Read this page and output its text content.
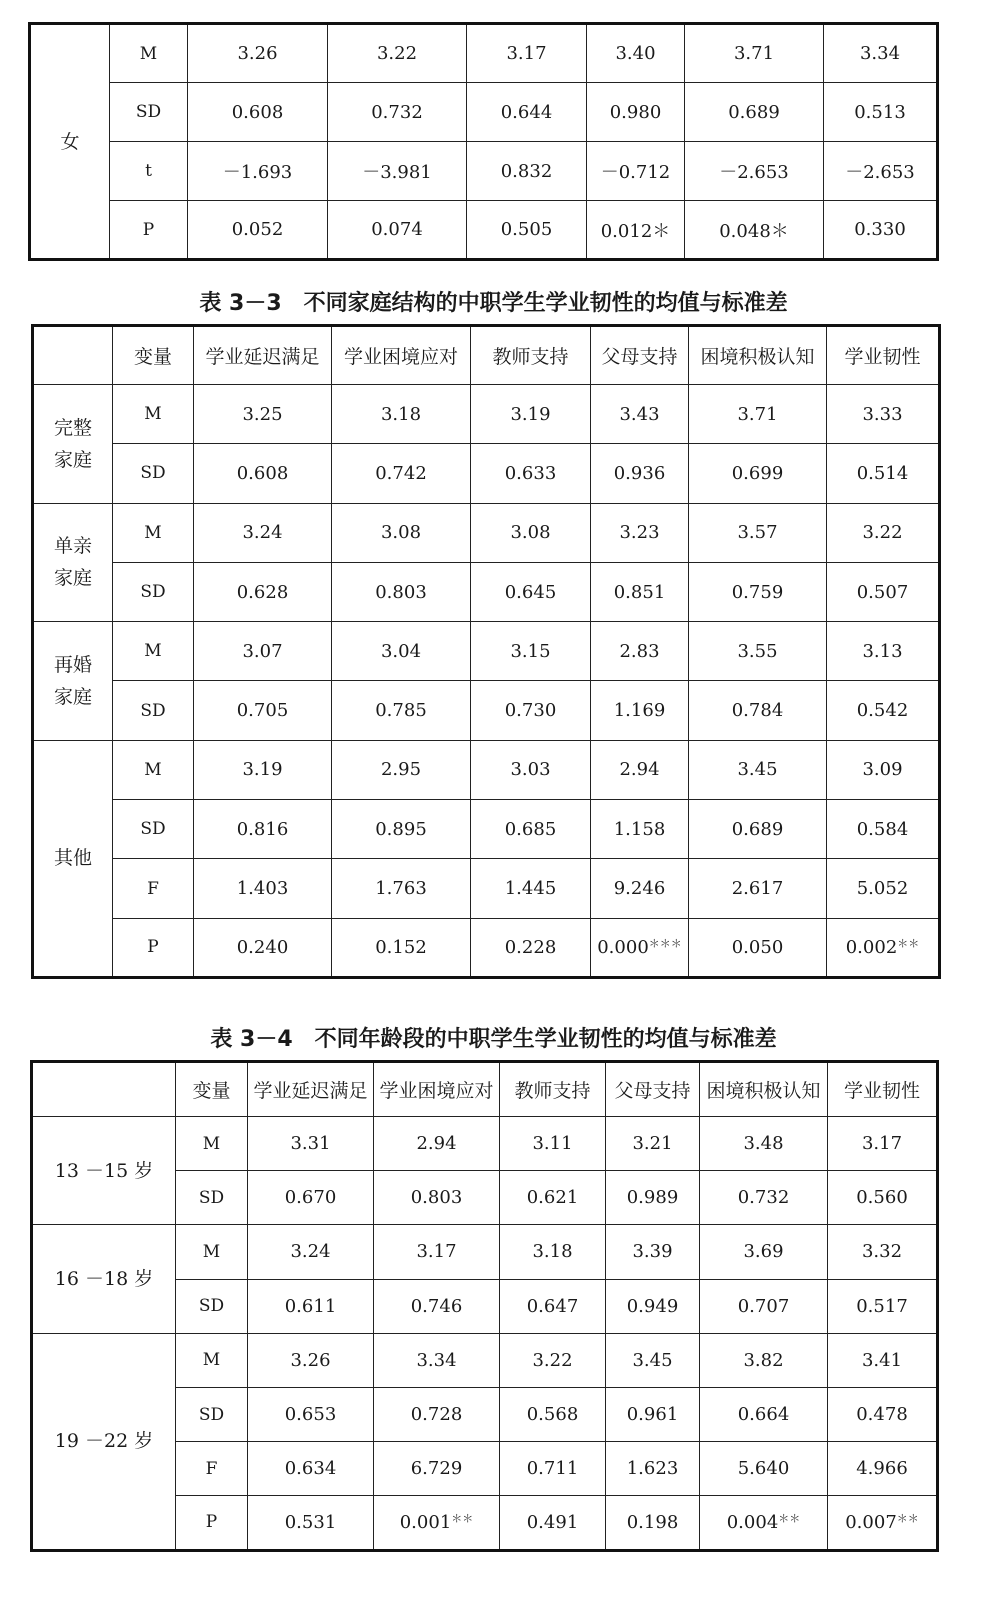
女	M	3.26	3.22	3.17	3.40	3.71	3.34
	SD	0.608	0.732	0.644	0.980	0.689	0.513
	t	－1.693	－3.981	0.832	－0.712	－2.653	－2.653
	P	0.052	0.074	0.505	0.012＊	0.048＊	0.330
表 3－3　不同家庭结构的中职学生学业韧性的均值与标准差
	变量	学业延迟满足	学业困境应对	教师支持	父母支持	困境积极认知	学业韧性
完整
家庭	M	3.25	3.18	3.19	3.43	3.71	3.33
	SD	0.608	0.742	0.633	0.936	0.699	0.514
单亲
家庭	M	3.24	3.08	3.08	3.23	3.57	3.22
	SD	0.628	0.803	0.645	0.851	0.759	0.507
再婚
家庭	M	3.07	3.04	3.15	2.83	3.55	3.13
	SD	0.705	0.785	0.730	1.169	0.784	0.542
其他	M	3.19	2.95	3.03	2.94	3.45	3.09
	SD	0.816	0.895	0.685	1.158	0.689	0.584
	F	1.403	1.763	1.445	9.246	2.617	5.052
	P	0.240	0.152	0.228	0.000＊＊＊	0.050	0.002＊＊
表 3－4　不同年龄段的中职学生学业韧性的均值与标准差
	变量	学业延迟满足	学业困境应对	教师支持	父母支持	困境积极认知	学业韧性
13 －15 岁	M	3.31	2.94	3.11	3.21	3.48	3.17
	SD	0.670	0.803	0.621	0.989	0.732	0.560
16 －18 岁	M	3.24	3.17	3.18	3.39	3.69	3.32
	SD	0.611	0.746	0.647	0.949	0.707	0.517
19 －22 岁	M	3.26	3.34	3.22	3.45	3.82	3.41
	SD	0.653	0.728	0.568	0.961	0.664	0.478
	F	0.634	6.729	0.711	1.623	5.640	4.966
	P	0.531	0.001＊＊	0.491	0.198	0.004＊＊	0.007＊＊
